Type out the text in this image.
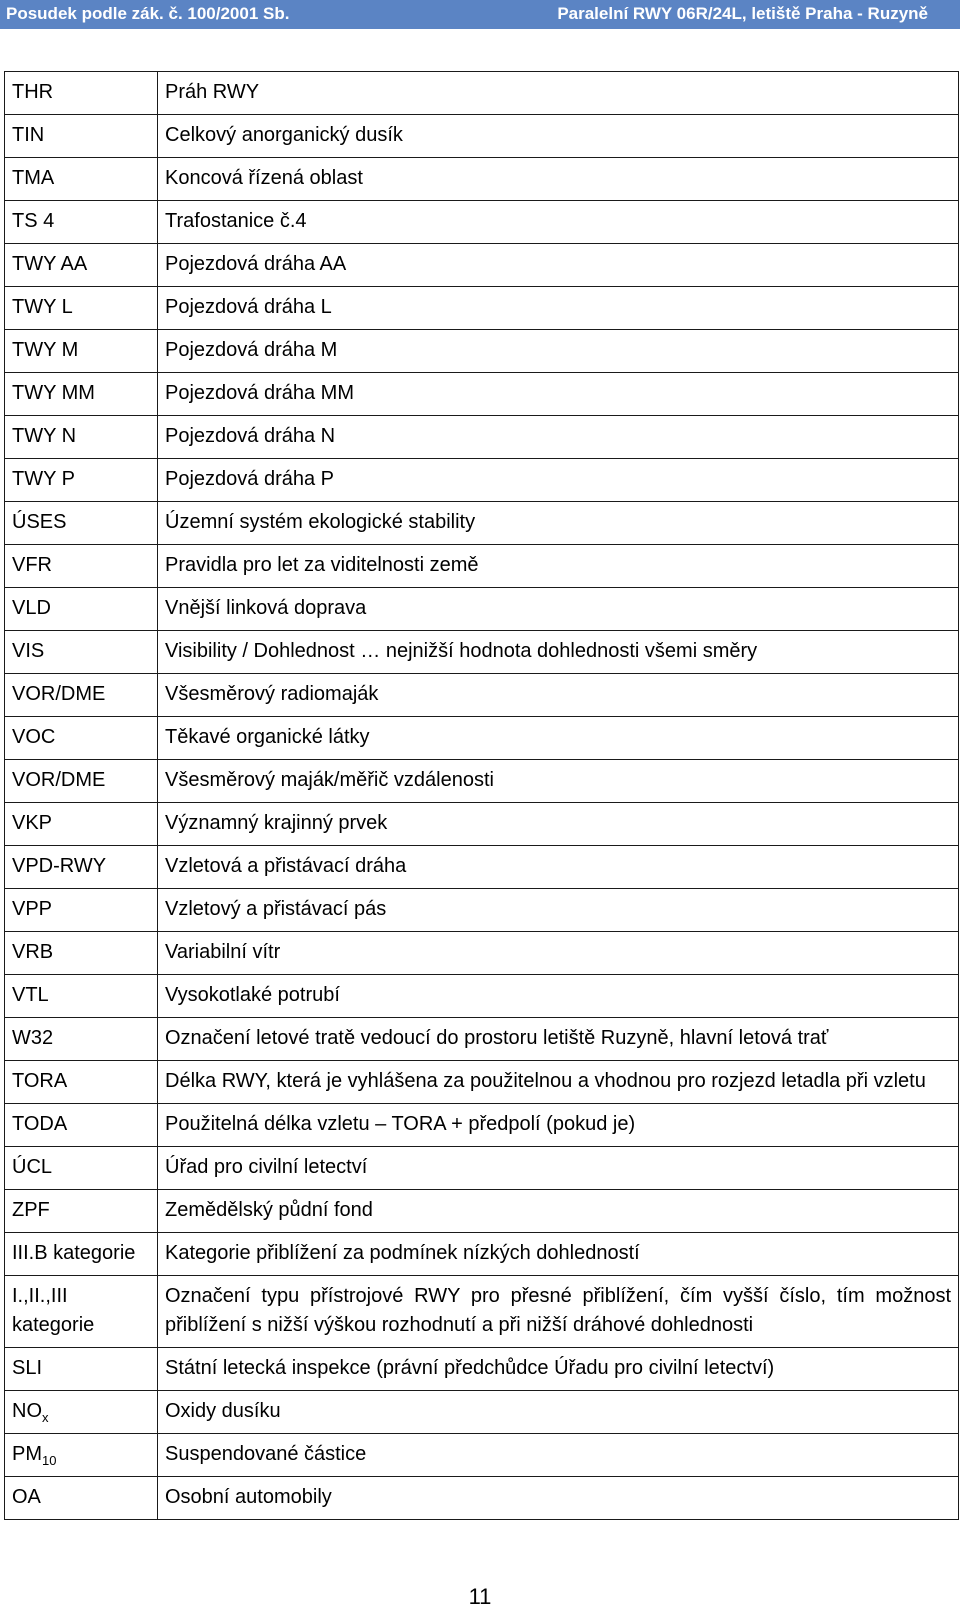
Posudek podle zák. č. 100/2001 Sb.	Paralelní RWY 06R/24L, letiště Praha - Ruzyně
THR	Práh RWY
TIN	Celkový anorganický dusík
TMA	Koncová řízená oblast
TS 4	Trafostanice č.4
TWY AA	Pojezdová dráha AA
TWY L	Pojezdová dráha L
TWY M	Pojezdová dráha M
TWY MM	Pojezdová dráha MM
TWY N	Pojezdová dráha N
TWY P	Pojezdová dráha P
ÚSES	Územní systém ekologické stability
VFR	Pravidla pro let za viditelnosti země
VLD	Vnější linková doprava
VIS	Visibility / Dohlednost … nejnižší hodnota dohlednosti všemi směry
VOR/DME	Všesměrový radiomaják
VOC	Těkavé organické látky
VOR/DME	Všesměrový maják/měřič vzdálenosti
VKP	Významný krajinný prvek
VPD-RWY	Vzletová a přistávací dráha
VPP	Vzletový a přistávací pás
VRB	Variabilní vítr
VTL	Vysokotlaké potrubí
W32	Označení letové tratě vedoucí do prostoru letiště Ruzyně, hlavní letová trať
TORA	Délka RWY, která je vyhlášena za použitelnou a vhodnou pro rozjezd letadla při vzletu
TODA	Použitelná délka vzletu – TORA + předpolí (pokud je)
ÚCL	Úřad pro civilní letectví
ZPF	Zemědělský půdní fond
III.B kategorie	Kategorie přiblížení za podmínek nízkých dohledností
I.,II.,III kategorie	Označení typu přístrojové RWY pro přesné přiblížení, čím vyšší číslo, tím možnost přiblížení s nižší výškou rozhodnutí a při nižší dráhové dohlednosti
SLI	Státní letecká inspekce (právní předchůdce Úřadu pro civilní letectví)
$NO_x$	Oxidy dusíku
$PM_{10}$	Suspendované částice
OA	Osobní automobily
11
